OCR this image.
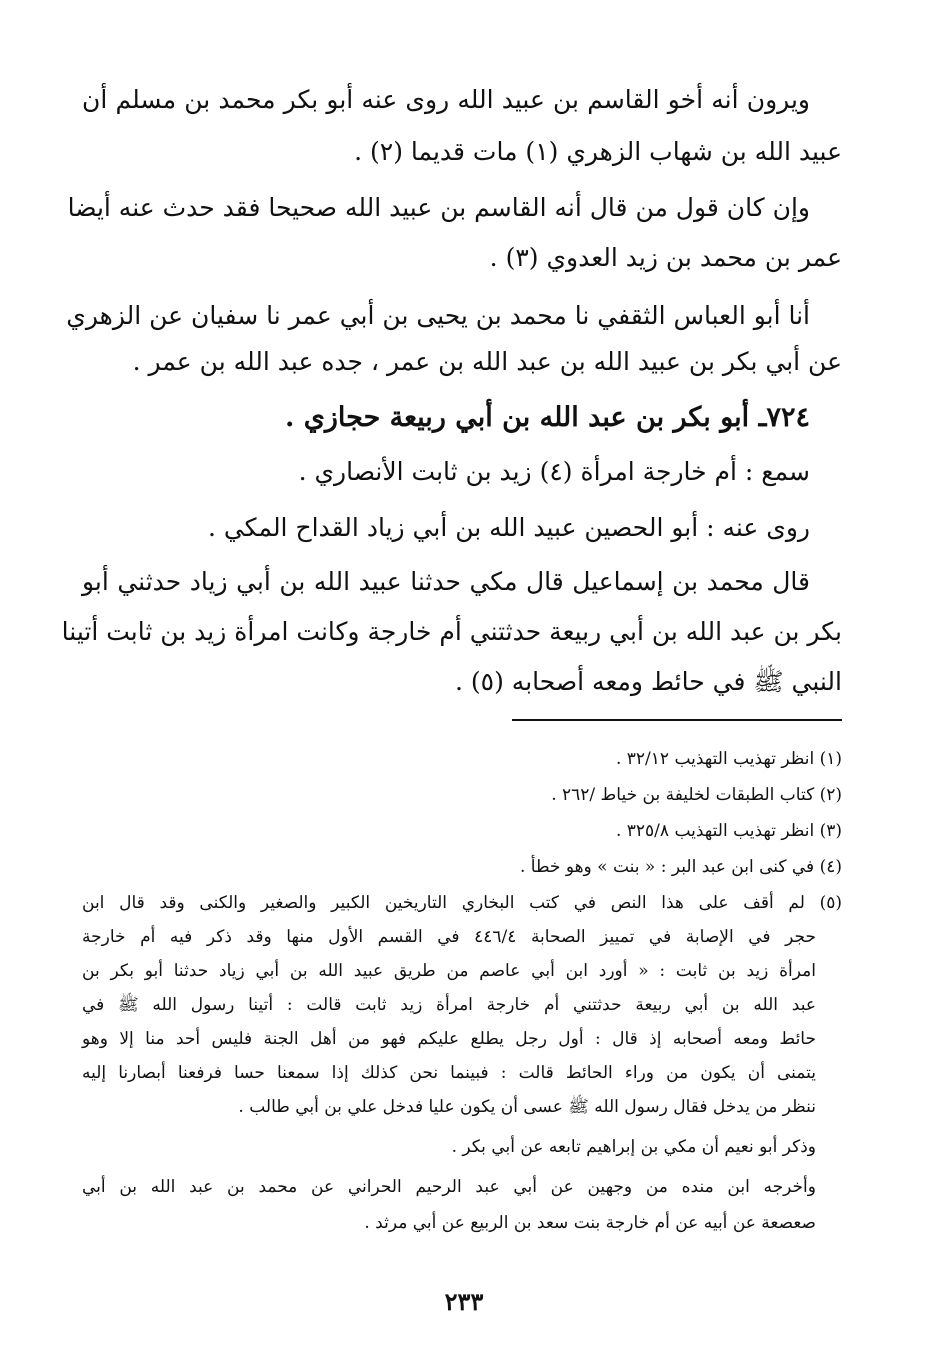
ويرون أنه أخو القاسم بن عبيد الله روى عنه أبو بكر محمد بن مسلم أن
عبيد الله بن شهاب الزهري (١) مات قديما (٢) .
وإن كان قول من قال أنه القاسم بن عبيد الله صحيحا فقد حدث عنه أيضا
عمر بن محمد بن زيد العدوي (٣) .
أنا أبو العباس الثقفي نا محمد بن يحيى بن أبي عمر نا سفيان عن الزهري
عن أبي بكر بن عبيد الله بن عبد الله بن عمر ، جده عبد الله بن عمر .
٧٢٤ـ أبو بكر بن عبد الله بن أبي ربيعة حجازي .
سمع : أم خارجة امرأة (٤) زيد بن ثابت الأنصاري .
روى عنه : أبو الحصين عبيد الله بن أبي زياد القداح المكي .
قال محمد بن إسماعيل قال مكي حدثنا عبيد الله بن أبي زياد حدثني أبو
بكر بن عبد الله بن أبي ربيعة حدثتني أم خارجة وكانت امرأة زيد بن ثابت أتينا
النبي ﷺ في حائط ومعه أصحابه (٥) .
(١) انظر تهذيب التهذيب ٣٢/١٢ .
(٢) كتاب الطبقات لخليفة بن خياط /٢٦٢ .
(٣) انظر تهذيب التهذيب ٣٢٥/٨ .
(٤) في كنى ابن عبد البر : « بنت » وهو خطأ .
(٥) لم أقف على هذا النص في كتب البخاري التاريخين الكبير والصغير والكنى وقد قال ابن
حجر في الإصابة في تمييز الصحابة ٤٤٦/٤ في القسم الأول منها وقد ذكر فيه أم خارجة
امرأة زيد بن ثابت : « أورد ابن أبي عاصم من طريق عبيد الله بن أبي زياد حدثنا أبو بكر بن
عبد الله بن أبي ربيعة حدثتني أم خارجة امرأة زيد ثابت قالت : أتينا رسول الله ﷺ في
حائط ومعه أصحابه إذ قال : أول رجل يطلع عليكم فهو من أهل الجنة فليس أحد منا إلا وهو
يتمنى أن يكون من وراء الحائط قالت : فبينما نحن كذلك إذا سمعنا حسا فرفعنا أبصارنا إليه
ننظر من يدخل فقال رسول الله ﷺ عسى أن يكون عليا فدخل علي بن أبي طالب .
وذكر أبو نعيم أن مكي بن إبراهيم تابعه عن أبي بكر .
وأخرجه ابن منده من وجهين عن أبي عبد الرحيم الحراني عن محمد بن عبد الله بن أبي
صعصعة عن أبيه عن أم خارجة بنت سعد بن الربيع عن أبي مرثد .
٢٣٣
